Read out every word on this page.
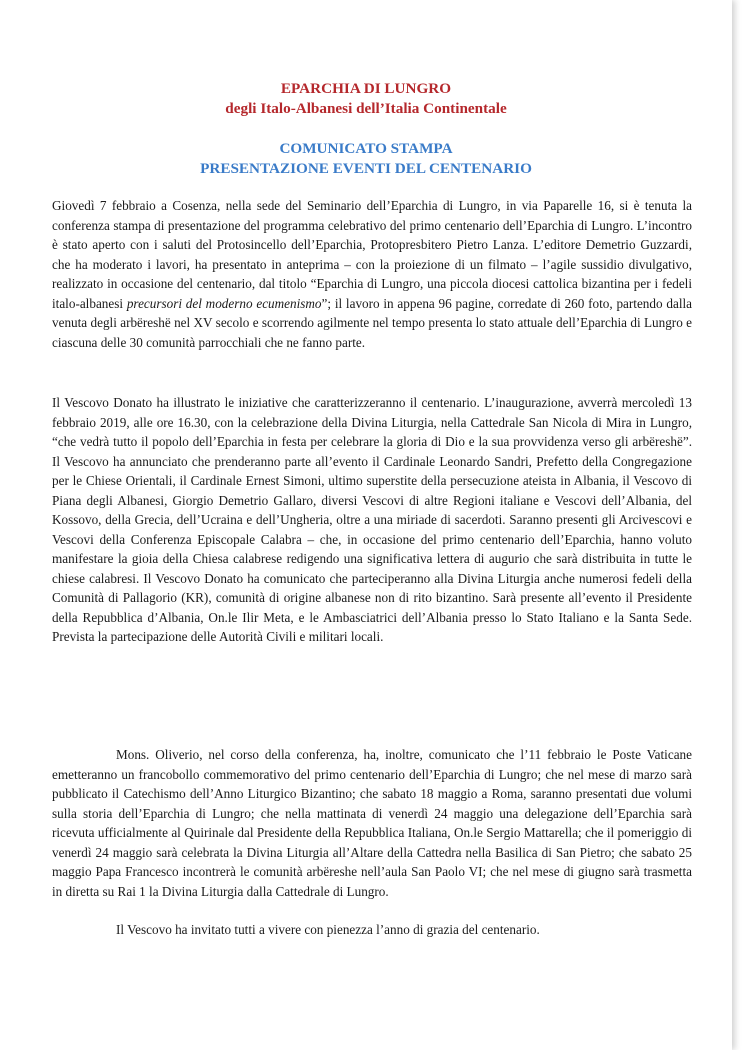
EPARCHIA DI LUNGRO

degli Italo-Albanesi dell’Italia Continentale

COMUNICATO STAMPA

PRESENTAZIONE EVENTI DEL CENTENARIO

Giovedì 7 febbraio a Cosenza, nella sede del Seminario dell’Eparchia di Lungro, in via Paparelle 16, si è tenuta la conferenza stampa di presentazione del programma celebrativo del primo centenario dell’Eparchia di Lungro. L’incontro è stato aperto con i saluti del Protosincello dell’Eparchia, Protopresbitero Pietro Lanza. L’editore Demetrio Guzzardi, che ha moderato i lavori, ha presentato in anteprima – con la proiezione di un filmato – l’agile sussidio divulgativo, realizzato in occasione del centenario, dal titolo “Eparchia di Lungro, una piccola diocesi cattolica bizantina per i fedeli italo-albanesi precursori del moderno ecumenismo”; il lavoro in appena 96 pagine, corredate di 260 foto, partendo dalla venuta degli arbëreshë nel XV secolo e scorrendo agilmente nel tempo presenta lo stato attuale dell’Eparchia di Lungro e ciascuna delle 30 comunità parrocchiali che ne fanno parte.

Il Vescovo Donato ha illustrato le iniziative che caratterizzeranno il centenario. L’inaugurazione, avverrà mercoledì 13 febbraio 2019, alle ore 16.30, con la celebrazione della Divina Liturgia, nella Cattedrale San Nicola di Mira in Lungro, “che vedrà tutto il popolo dell’Eparchia in festa per celebrare la gloria di Dio e la sua provvidenza verso gli arbëreshë”. Il Vescovo ha annunciato che prenderanno parte all’evento il Cardinale Leonardo Sandri, Prefetto della Congregazione per le Chiese Orientali, il Cardinale Ernest Simoni, ultimo superstite della persecuzione ateista in Albania, il Vescovo di Piana degli Albanesi, Giorgio Demetrio Gallaro, diversi Vescovi di altre Regioni italiane e Vescovi dell’Albania, del Kossovo, della Grecia, dell’Ucraina e dell’Ungheria, oltre a una miriade di sacerdoti. Saranno presenti gli Arcivescovi e Vescovi della Conferenza Episcopale Calabra – che, in occasione del primo centenario dell’Eparchia, hanno voluto manifestare la gioia della Chiesa calabrese redigendo una significativa lettera di augurio che sarà distribuita in tutte le chiese calabresi. Il Vescovo Donato ha comunicato che parteciperanno alla Divina Liturgia anche numerosi fedeli della Comunità di Pallagorio (KR), comunità di origine albanese non di rito bizantino. Sarà presente all’evento il Presidente della Repubblica d’Albania, On.le Ilir Meta, e le Ambasciatrici dell’Albania presso lo Stato Italiano e la Santa Sede. Prevista la partecipazione delle Autorità Civili e militari locali.

Mons. Oliverio, nel corso della conferenza, ha, inoltre, comunicato che l’11 febbraio le Poste Vaticane emetteranno un francobollo commemorativo del primo centenario dell’Eparchia di Lungro; che nel mese di marzo sarà pubblicato il Catechismo dell’Anno Liturgico Bizantino; che sabato 18 maggio a Roma, saranno presentati due volumi sulla storia dell’Eparchia di Lungro; che nella mattinata di venerdì 24 maggio una delegazione dell’Eparchia sarà ricevuta ufficialmente al Quirinale dal Presidente della Repubblica Italiana, On.le Sergio Mattarella; che il pomeriggio di venerdì 24 maggio sarà celebrata la Divina Liturgia all’Altare della Cattedra nella Basilica di San Pietro; che sabato 25 maggio Papa Francesco incontrerà le comunità arbëreshe nell’aula San Paolo VI; che nel mese di giugno sarà trasmetta in diretta su Rai 1 la Divina Liturgia dalla Cattedrale di Lungro.

Il Vescovo ha invitato tutti a vivere con pienezza l’anno di grazia del centenario.
